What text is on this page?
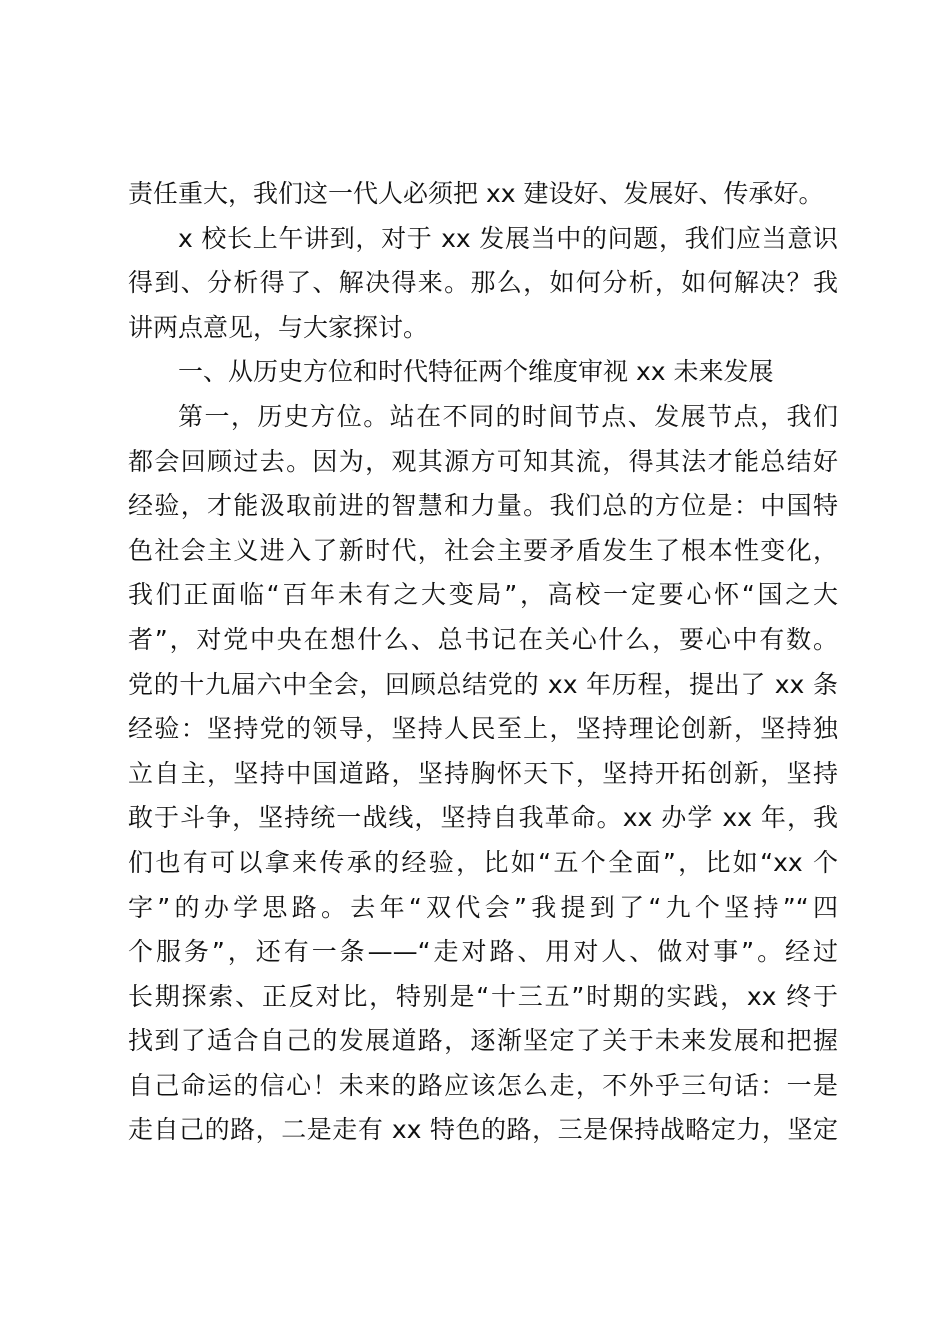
责任重大，我们这一代人必须把 xx 建设好、发展好、传承好。
x 校长上午讲到，对于 xx 发展当中的问题，我们应当意识
得到、分析得了、解决得来。那么，如何分析，如何解决？我
讲两点意见，与大家探讨。
一、从历史方位和时代特征两个维度审视 xx 未来发展
第一，历史方位。站在不同的时间节点、发展节点，我们
都会回顾过去。因为，观其源方可知其流，得其法才能总结好
经验，才能汲取前进的智慧和力量。我们总的方位是：中国特
色社会主义进入了新时代，社会主要矛盾发生了根本性变化，
我们正面临“百年未有之大变局”，高校一定要心怀“国之大
者”，对党中央在想什么、总书记在关心什么，要心中有数。
党的十九届六中全会，回顾总结党的 xx 年历程，提出了 xx 条
经验：坚持党的领导，坚持人民至上，坚持理论创新，坚持独
立自主，坚持中国道路，坚持胸怀天下，坚持开拓创新，坚持
敢于斗争，坚持统一战线，坚持自我革命。xx 办学 xx 年，我
们也有可以拿来传承的经验，比如“五个全面”，比如“xx 个
字”的办学思路。去年“双代会”我提到了“九个坚持”“四
个服务”，还有一条——“走对路、用对人、做对事”。经过
长期探索、正反对比，特别是“十三五”时期的实践，xx 终于
找到了适合自己的发展道路，逐渐坚定了关于未来发展和把握
自己命运的信心！未来的路应该怎么走，不外乎三句话：一是
走自己的路，二是走有 xx 特色的路，三是保持战略定力，坚定
